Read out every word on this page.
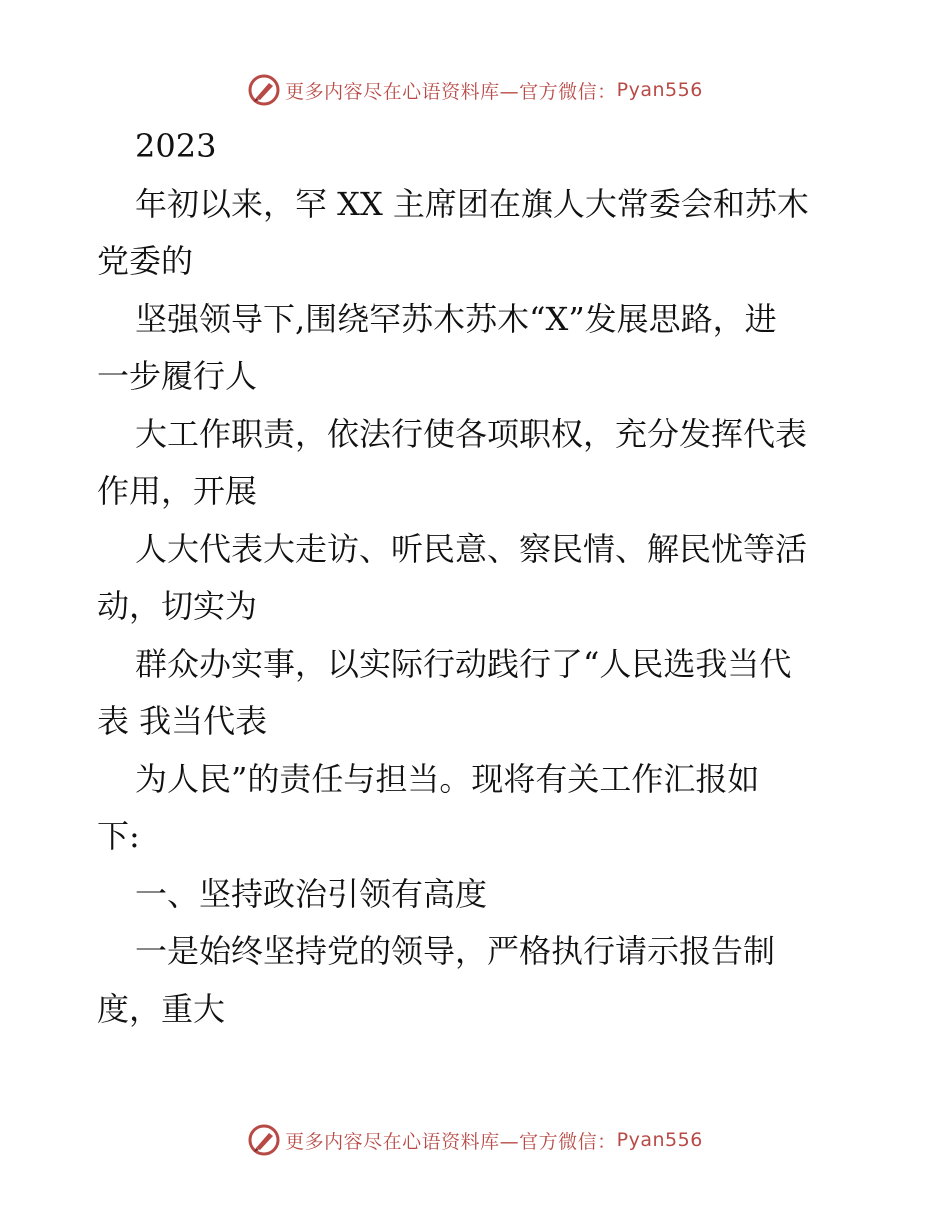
更多内容尽在心语资料库—官方微信： Pyan556
2023
年初以来，罕 XX 主席团在旗人大常委会和苏木
党委的
坚强领导下,围绕罕苏木苏木“X”发展思路，进
一步履行人
大工作职责，依法行使各项职权，充分发挥代表
作用，开展
人大代表大走访、听民意、察民情、解民忧等活
动，切实为
群众办实事，以实际行动践行了“人民选我当代
表 我当代表
为人民”的责任与担当。现将有关工作汇报如
下:
一、坚持政治引领有高度
一是始终坚持党的领导，严格执行请示报告制
度，重大
更多内容尽在心语资料库—官方微信： Pyan556
